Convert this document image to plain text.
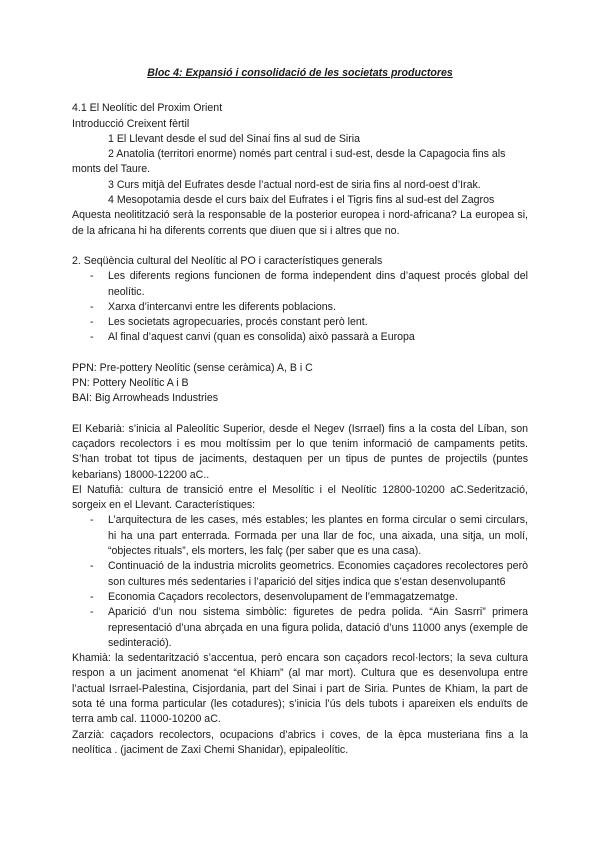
Bloc 4: Expansió i consolidació de les societats productores

4.1 El Neolític del Proxim Orient

Introducció Creixent fèrtil

1 El Llevant desde el sud del Sinaí fins al sud de Siria

2 Anatolia (territori enorme) només part central i sud-est, desde la Capagocia fins als monts del Taure.

3 Curs mitjà del Eufrates desde l’actual nord-est de siria fins al nord-oest d’Irak.

4 Mesopotamia desde el curs baix del Eufrates i el Tigris fins al sud-est del Zagros

Aquesta neolitització serà la responsable de la posterior europea i nord-africana? La europea si, de la africana hi ha diferents corrents que diuen que si i altres que no.

2. Seqüència cultural del Neolític al PO i característiques generals

- Les diferents regions funcionen de forma independent dins d’aquest procés global del neolític.
- Xarxa d’intercanvi entre les diferents poblacions.
- Les societats agropecuaries, procés constant però lent.
- Al final d’aquest canvi (quan es consolida) això passarà a Europa

PPN: Pre-pottery Neolític (sense ceràmica) A, B i C

PN: Pottery Neolític A i B

BAI: Big Arrowheads Industries

El Kebarià: s’inicia al Paleolític Superior, desde el Negev (Isrrael) fins a la costa del Líban, son caçadors recolectors i es mou moltíssim per lo que tenim informació de campaments petits. S’han trobat tot tipus de jaciments, destaquen per un tipus de puntes de projectils (puntes kebarians) 18000-12200 aC..

El Natufià: cultura de transició entre el Mesolític i el Neolític 12800-10200 aC.Sederització, sorgeix en el Llevant. Característiques:

- L’arquitectura de les cases, més estables; les plantes en forma circular o semi circulars, hi ha una part enterrada. Formada per una llar de foc, una aixada, una sitja, un molí, “objectes rituals”, els morters, les falç (per saber que es una casa).
- Continuació de la industria microlits geometrics. Economies caçadores recolectores però son cultures més sedentaries i l’aparició del sitjes indica que s’estan desenvolupant6
- Economia Caçadors recolectors, desenvolupament de l’emmagatzematge.
- Aparició d’un nou sistema simbòlic: figuretes de pedra polida. “Ain Sasrri” primera representació d’una abrçada en una figura polida, datació d’uns 11000 anys (exemple de sedinteració).

Khamià: la sedentarització s’accentua, però encara son caçadors recol·lectors; la seva cultura respon a un jaciment anomenat “el Khiam” (al mar mort). Cultura que es desenvolupa entre l’actual Isrrael-Palestina, Cisjordania, part del Sinai i part de Siria. Puntes de Khiam, la part de sota té una forma particular (les cotadures); s’inicia l’ús dels tubots i apareixen els enduïts de terra amb cal. 11000-10200 aC.

Zarzià: caçadors recolectors, ocupacions d’abrics i coves, de la èpca musteriana fins a la neolítica . (jaciment de Zaxi Chemi Shanidar), epipaleolític.
